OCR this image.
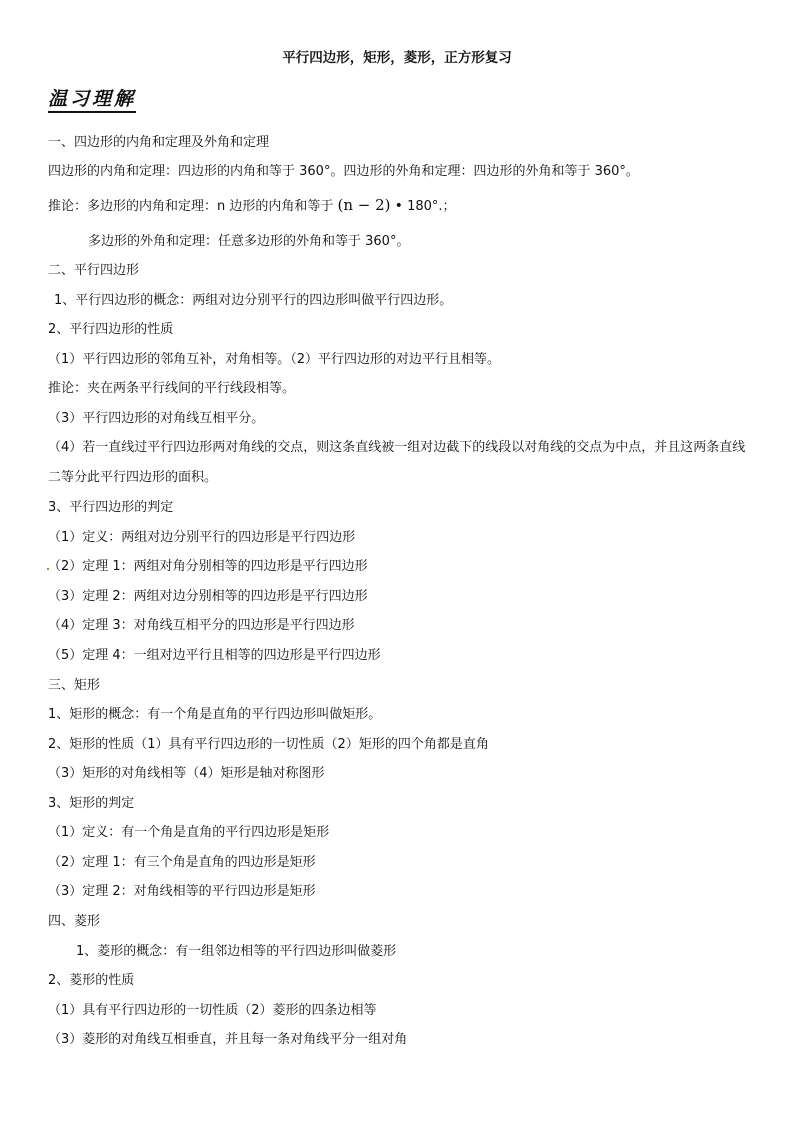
平行四边形，矩形，菱形，正方形复习
温习理解
一、四边形的内角和定理及外角和定理
四边形的内角和定理：四边形的内角和等于 360°。四边形的外角和定理：四边形的外角和等于 360°。
推论：多边形的内角和定理：n 边形的内角和等于 (n − 2) • 180°.；
多边形的外角和定理：任意多边形的外角和等于 360°。
二、平行四边形
1、平行四边形的概念：两组对边分别平行的四边形叫做平行四边形。
2、平行四边形的性质
（1）平行四边形的邻角互补，对角相等。（2）平行四边形的对边平行且相等。
推论：夹在两条平行线间的平行线段相等。
（3）平行四边形的对角线互相平分。
（4）若一直线过平行四边形两对角线的交点，则这条直线被一组对边截下的线段以对角线的交点为中点，并且这两条直线二等分此平行四边形的面积。
3、平行四边形的判定
（1）定义：两组对边分别平行的四边形是平行四边形
（2）定理 1：两组对角分别相等的四边形是平行四边形
（3）定理 2：两组对边分别相等的四边形是平行四边形
（4）定理 3：对角线互相平分的四边形是平行四边形
（5）定理 4：一组对边平行且相等的四边形是平行四边形
三、矩形
1、矩形的概念：有一个角是直角的平行四边形叫做矩形。
2、矩形的性质（1）具有平行四边形的一切性质（2）矩形的四个角都是直角
（3）矩形的对角线相等（4）矩形是轴对称图形
3、矩形的判定
（1）定义：有一个角是直角的平行四边形是矩形
（2）定理 1：有三个角是直角的四边形是矩形
（3）定理 2：对角线相等的平行四边形是矩形
四、菱形
1、菱形的概念：有一组邻边相等的平行四边形叫做菱形
2、菱形的性质
（1）具有平行四边形的一切性质（2）菱形的四条边相等
（3）菱形的对角线互相垂直，并且每一条对角线平分一组对角
